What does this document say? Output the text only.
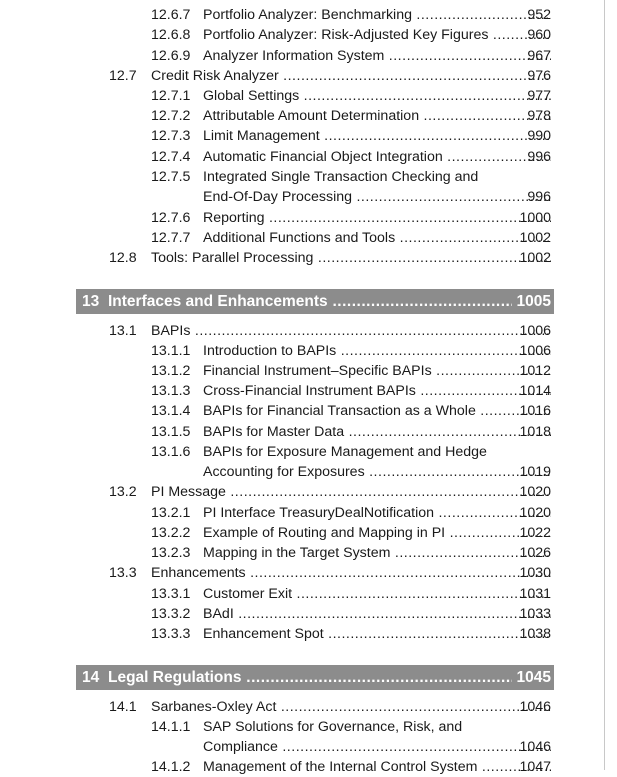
12.6.7 Portfolio Analyzer: Benchmarking .....	952
12.6.8 Portfolio Analyzer: Risk-Adjusted Key Figures .....	960
12.6.9 Analyzer Information System .....	967
12.7 Credit Risk Analyzer .....	976
12.7.1 Global Settings .....	977
12.7.2 Attributable Amount Determination .....	978
12.7.3 Limit Management .....	990
12.7.4 Automatic Financial Object Integration .....	996
12.7.5 Integrated Single Transaction Checking and
End-Of-Day Processing .....	996
12.7.6 Reporting .....	1000
12.7.7 Additional Functions and Tools .....	1002
12.8 Tools: Parallel Processing .....	1002
13 Interfaces and Enhancements .....	1005
13.1 BAPIs .....	1006
13.1.1 Introduction to BAPIs .....	1006
13.1.2 Financial Instrument–Specific BAPIs .....	1012
13.1.3 Cross-Financial Instrument BAPIs .....	1014
13.1.4 BAPIs for Financial Transaction as a Whole .....	1016
13.1.5 BAPIs for Master Data .....	1018
13.1.6 BAPIs for Exposure Management and Hedge
Accounting for Exposures .....	1019
13.2 PI Message .....	1020
13.2.1 PI Interface TreasuryDealNotification .....	1020
13.2.2 Example of Routing and Mapping in PI .....	1022
13.2.3 Mapping in the Target System .....	1026
13.3 Enhancements .....	1030
13.3.1 Customer Exit .....	1031
13.3.2 BAdI .....	1033
13.3.3 Enhancement Spot .....	1038
14 Legal Regulations .....	1045
14.1 Sarbanes-Oxley Act .....	1046
14.1.1 SAP Solutions for Governance, Risk, and
Compliance .....	1046
14.1.2 Management of the Internal Control System .....	1047
